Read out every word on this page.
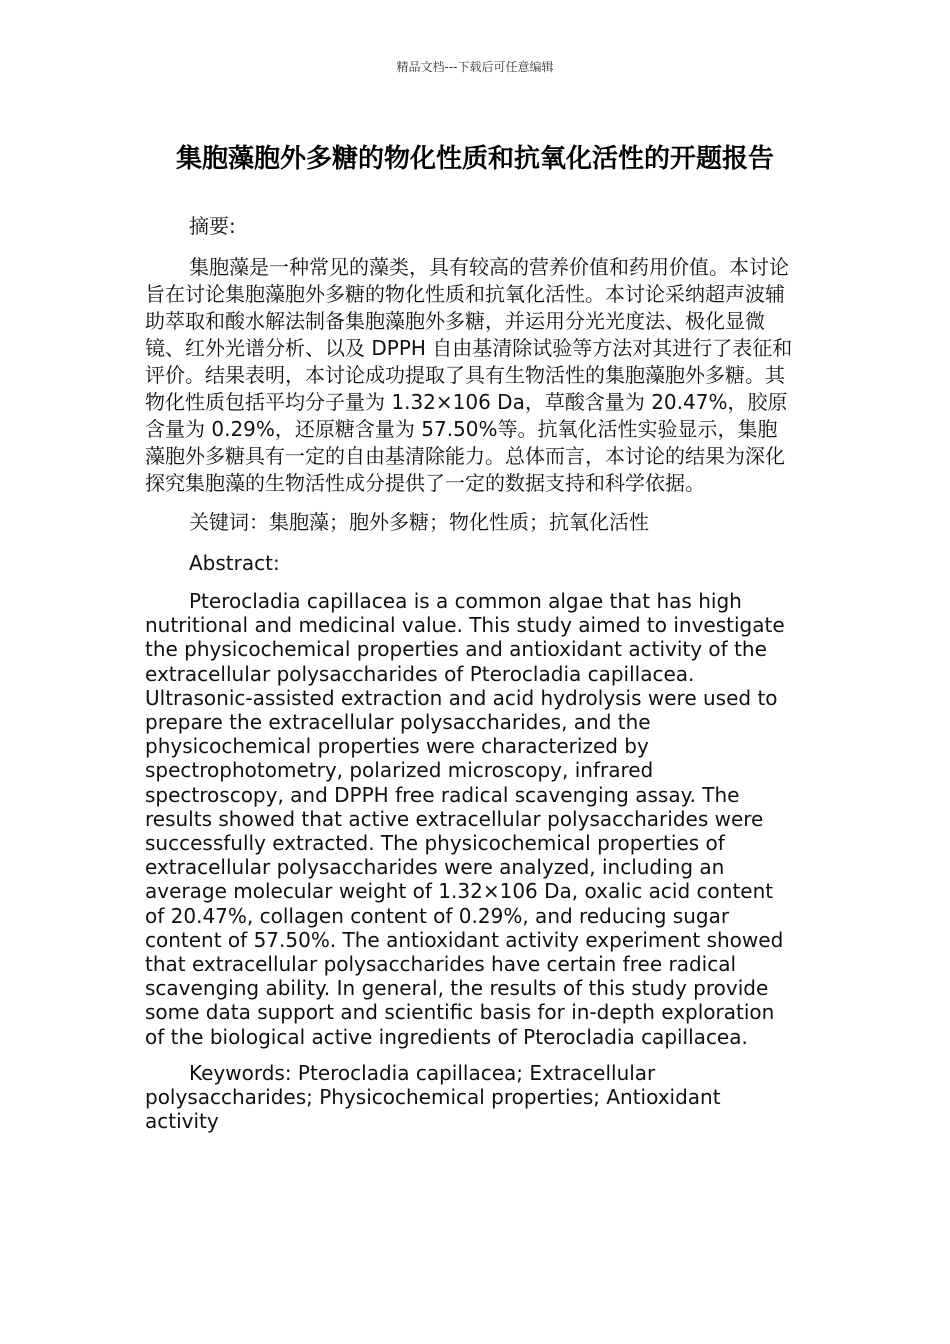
精品文档---下载后可任意编辑
集胞藻胞外多糖的物化性质和抗氧化活性的开题报告

摘要:

集胞藻是一种常见的藻类，具有较高的营养价值和药用价值。本讨论旨在讨论集胞藻胞外多糖的物化性质和抗氧化活性。本讨论采纳超声波辅助萃取和酸水解法制备集胞藻胞外多糖，并运用分光光度法、极化显微镜、红外光谱分析、以及 DPPH 自由基清除试验等方法对其进行了表征和评价。结果表明，本讨论成功提取了具有生物活性的集胞藻胞外多糖。其物化性质包括平均分子量为 1.32×106 Da，草酸含量为 20.47%，胶原含量为 0.29%，还原糖含量为 57.50%等。抗氧化活性实验显示，集胞藻胞外多糖具有一定的自由基清除能力。总体而言，本讨论的结果为深化探究集胞藻的生物活性成分提供了一定的数据支持和科学依据。

关键词：集胞藻；胞外多糖；物化性质；抗氧化活性

Abstract:

Pterocladia capillacea is a common algae that has high nutritional and medicinal value. This study aimed to investigate the physicochemical properties and antioxidant activity of the extracellular polysaccharides of Pterocladia capillacea. Ultrasonic-assisted extraction and acid hydrolysis were used to prepare the extracellular polysaccharides, and the physicochemical properties were characterized by spectrophotometry, polarized microscopy, infrared spectroscopy, and DPPH free radical scavenging assay. The results showed that active extracellular polysaccharides were successfully extracted. The physicochemical properties of extracellular polysaccharides were analyzed, including an average molecular weight of 1.32×106 Da, oxalic acid content of 20.47%, collagen content of 0.29%, and reducing sugar content of 57.50%. The antioxidant activity experiment showed that extracellular polysaccharides have certain free radical scavenging ability. In general, the results of this study provide some data support and scientific basis for in-depth exploration of the biological active ingredients of Pterocladia capillacea.

Keywords: Pterocladia capillacea; Extracellular polysaccharides; Physicochemical properties; Antioxidant activity
